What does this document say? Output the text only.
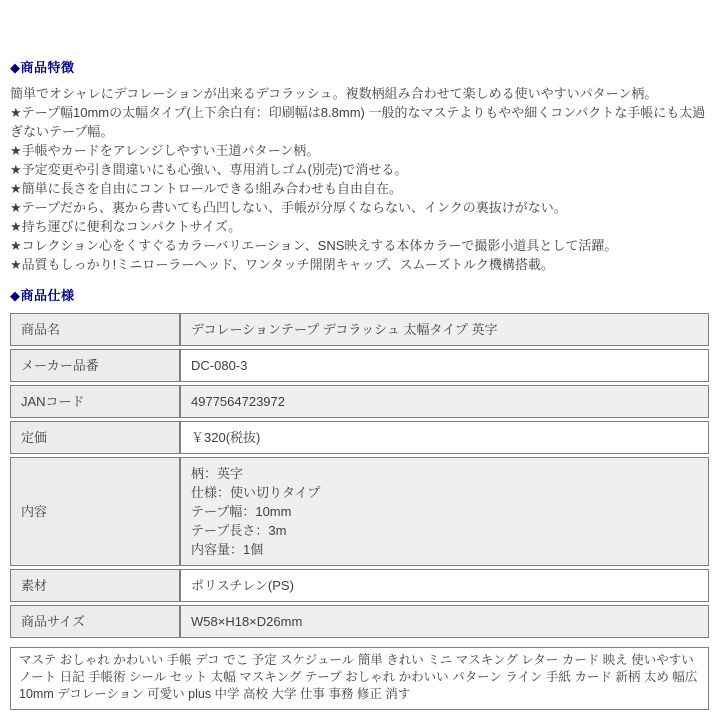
◆商品特徴
簡単でオシャレにデコレーションが出来るデコラッシュ。複数柄組み合わせて楽しめる使いやすいパターン柄。
★テープ幅10mmの太幅タイプ(上下余白有：印刷幅は8.8mm) 一般的なマステよりもやや細くコンパクトな手帳にも太過ぎないテープ幅。
★手帳やカードをアレンジしやすい王道パターン柄。
★予定変更や引き間違いにも心強い、専用消しゴム(別売)で消せる。
★簡単に長さを自由にコントロールできる!組み合わせも自由自在。
★テープだから、裏から書いても凸凹しない、手帳が分厚くならない、インクの裏抜けがない。
★持ち運びに便利なコンパクトサイズ。
★コレクション心をくすぐるカラーバリエーション、SNS映えする本体カラーで撮影小道具として活躍。
★品質もしっかり!ミニローラーヘッド、ワンタッチ開閉キャップ、スムーズトルク機構搭載。
◆商品仕様
商品名	デコレーションテープ デコラッシュ 太幅タイプ 英字
メーカー品番	DC-080-3
JANコード	4977564723972
定価	￥320(税抜)
内容	柄：英字
仕様：使い切りタイプ
テープ幅：10mm
テープ長さ：3m
内容量：1個

素材	ポリスチレン(PS)
商品サイズ	W58×H18×D26mm
マステ おしゃれ かわいい 手帳 デコ でこ 予定 スケジュール 簡単 きれい ミニ マスキング レター カード 映え 使いやすい ノート 日記 手帳術 シール セット 太幅 マスキング テープ おしゃれ かわいい パターン ライン 手紙 カード 新柄 太め 幅広 10mm デコレーション 可愛い plus 中学 高校 大学 仕事 事務 修正 消す
